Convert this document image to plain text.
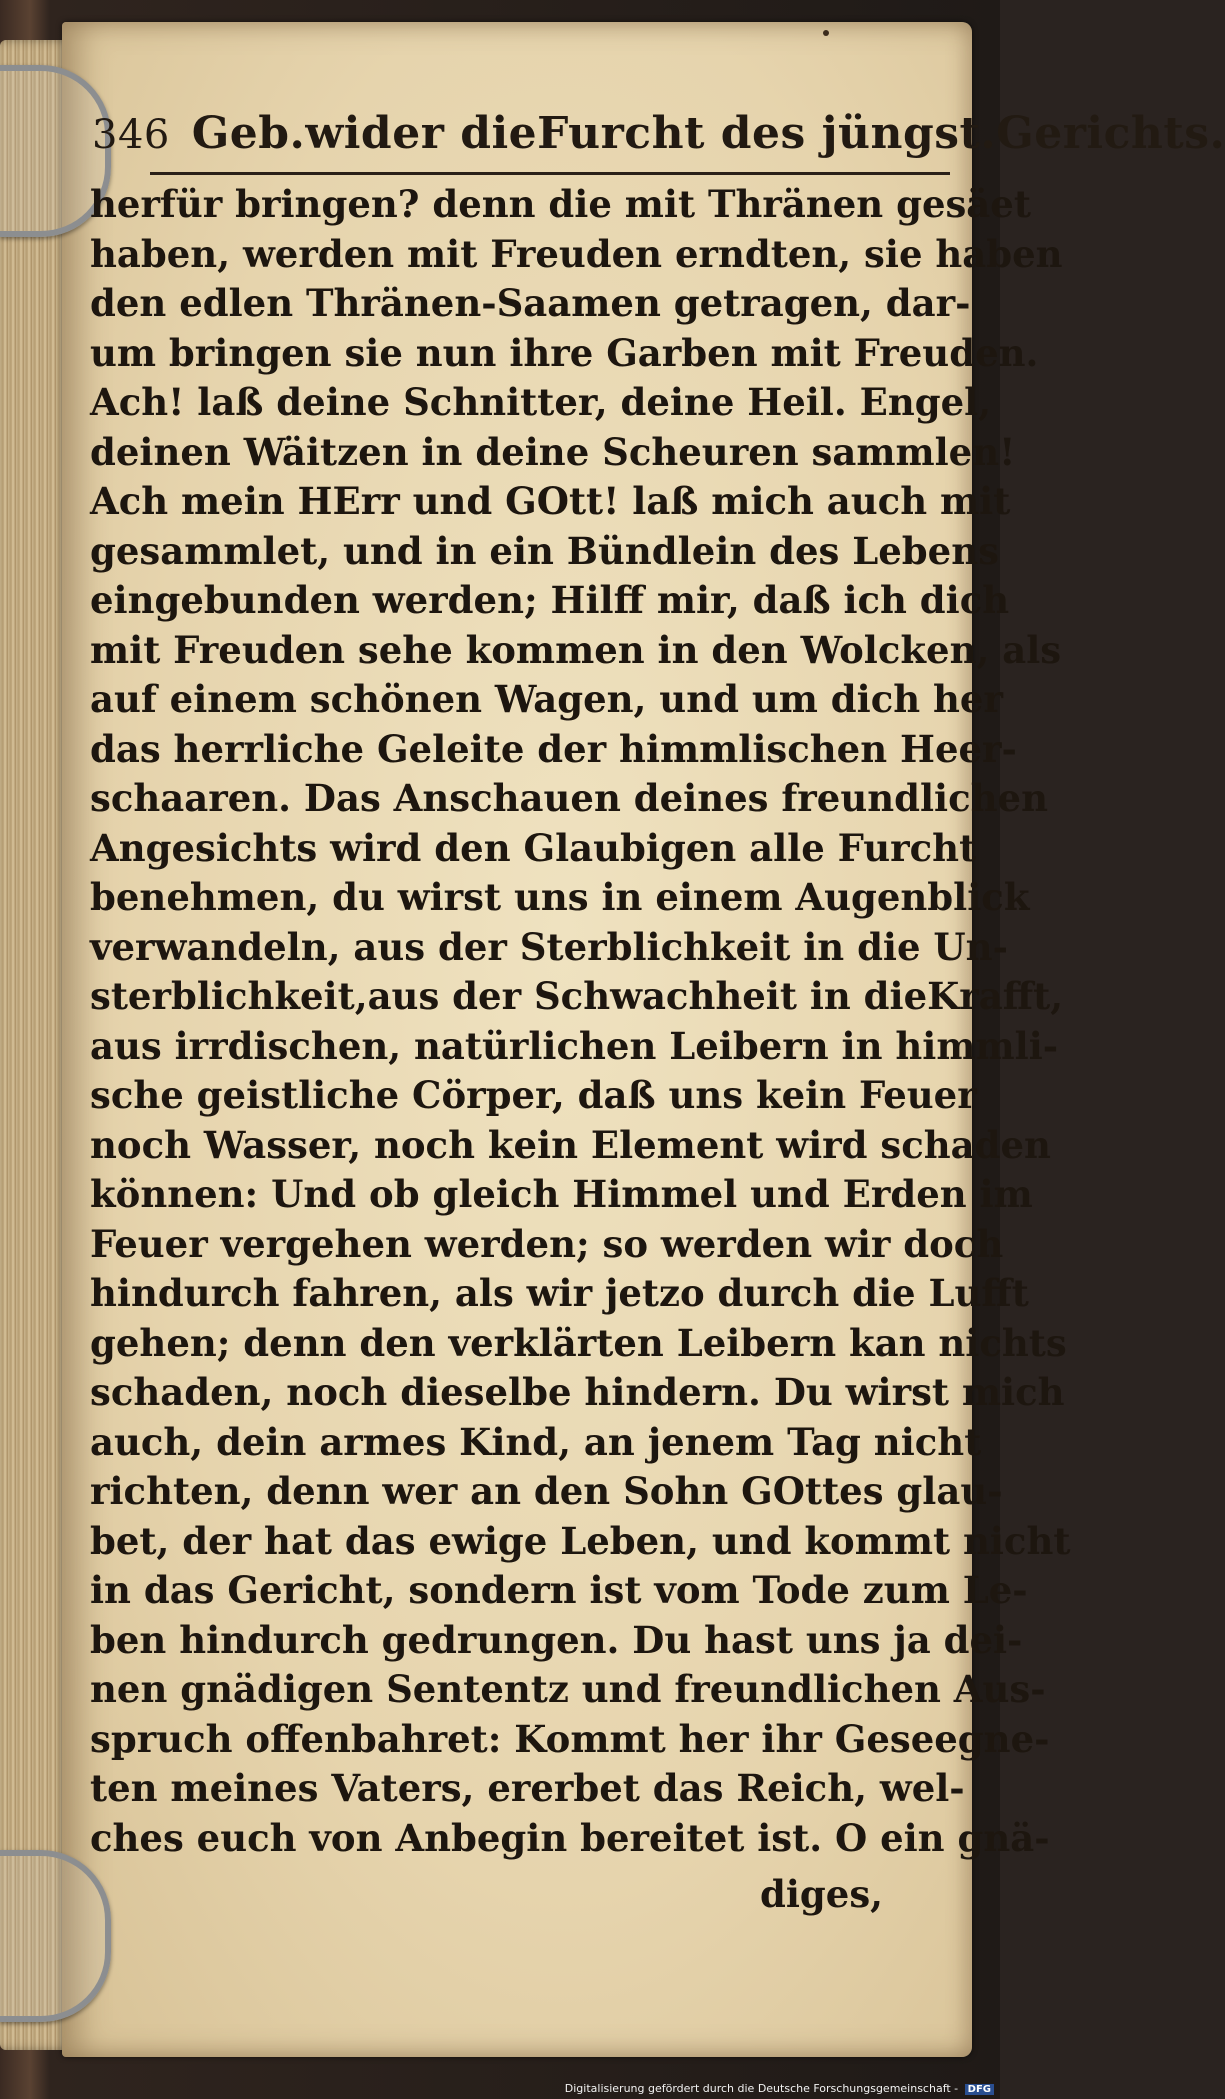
346 Geb.wider dieFurcht des jüngst.Gerichts.
herfür bringen? denn die mit Thränen gesäet
haben, werden mit Freuden erndten, sie haben
den edlen Thränen-Saamen getragen, dar-
um bringen sie nun ihre Garben mit Freuden.
Ach! laß deine Schnitter, deine Heil. Engel,
deinen Wäitzen in deine Scheuren sammlen!
Ach mein HErr und GOtt! laß mich auch mit
gesammlet, und in ein Bündlein des Lebens
eingebunden werden; Hilff mir, daß ich dich
mit Freuden sehe kommen in den Wolcken, als
auf einem schönen Wagen, und um dich her
das herrliche Geleite der himmlischen Heer-
schaaren. Das Anschauen deines freundlichen
Angesichts wird den Glaubigen alle Furcht
benehmen, du wirst uns in einem Augenblick
verwandeln, aus der Sterblichkeit in die Un-
sterblichkeit,aus der Schwachheit in dieKrafft,
aus irrdischen, natürlichen Leibern in himmli-
sche geistliche Cörper, daß uns kein Feuer
noch Wasser, noch kein Element wird schaden
können: Und ob gleich Himmel und Erden im
Feuer vergehen werden; so werden wir doch
hindurch fahren, als wir jetzo durch die Lufft
gehen; denn den verklärten Leibern kan nichts
schaden, noch dieselbe hindern. Du wirst mich
auch, dein armes Kind, an jenem Tag nicht
richten, denn wer an den Sohn GOttes glau-
bet, der hat das ewige Leben, und kommt nicht
in das Gericht, sondern ist vom Tode zum Le-
ben hindurch gedrungen. Du hast uns ja dei-
nen gnädigen Sententz und freundlichen Aus-
spruch offenbahret: Kommt her ihr Geseegne-
ten meines Vaters, ererbet das Reich, wel-
ches euch von Anbegin bereitet ist. O ein gnä-
diges,
Digitalisierung gefördert durch die Deutsche Forschungsgemeinschaft - DFG
